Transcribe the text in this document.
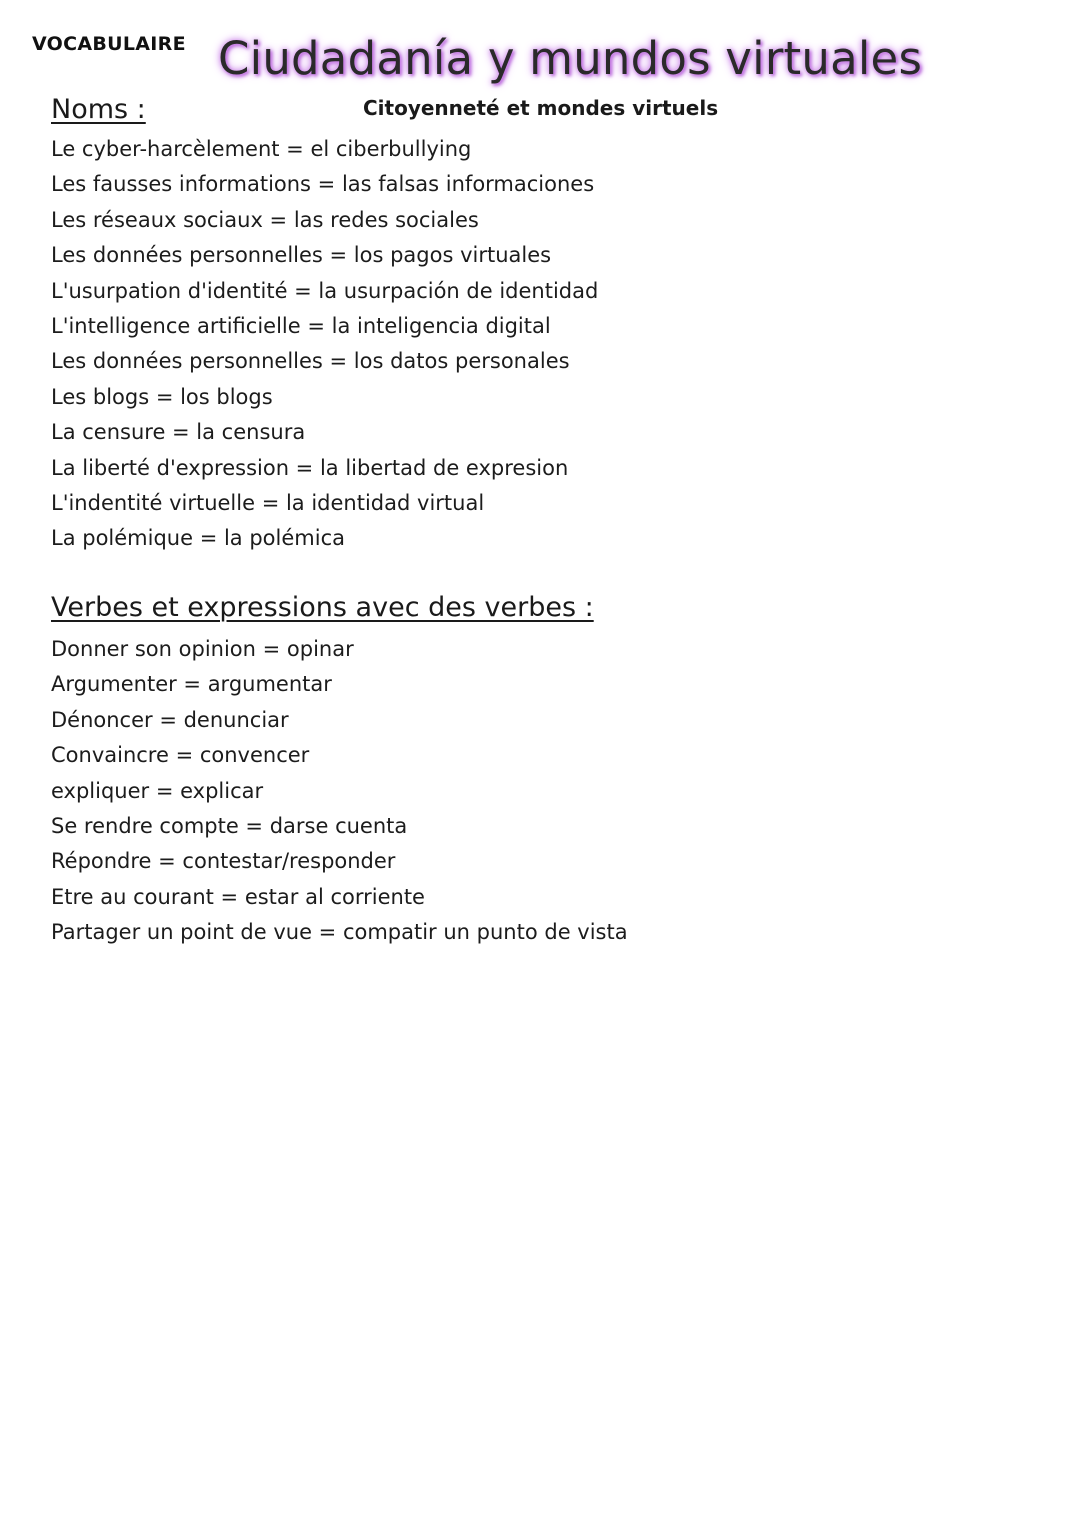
VOCABULAIRE Ciudadanía y mundos virtuales
Citoyenneté et mondes virtuels
Noms :
Le cyber-harcèlement = el ciberbullying
Les fausses informations = las falsas informaciones
Les réseaux sociaux = las redes sociales
Les données personnelles = los pagos virtuales
L'usurpation d'identité = la usurpación de identidad
L'intelligence artificielle = la inteligencia digital
Les données personnelles = los datos personales
Les blogs = los blogs
La censure = la censura
La liberté d'expression = la libertad de expresion
L'indentité virtuelle = la identidad virtual
La polémique = la polémica
Verbes et expressions avec des verbes :
Donner son opinion = opinar
Argumenter = argumentar
Dénoncer = denunciar
Convaincre = convencer
expliquer = explicar
Se rendre compte = darse cuenta
Répondre = contestar/responder
Etre au courant = estar al corriente
Partager un point de vue = compatir un punto de vista
